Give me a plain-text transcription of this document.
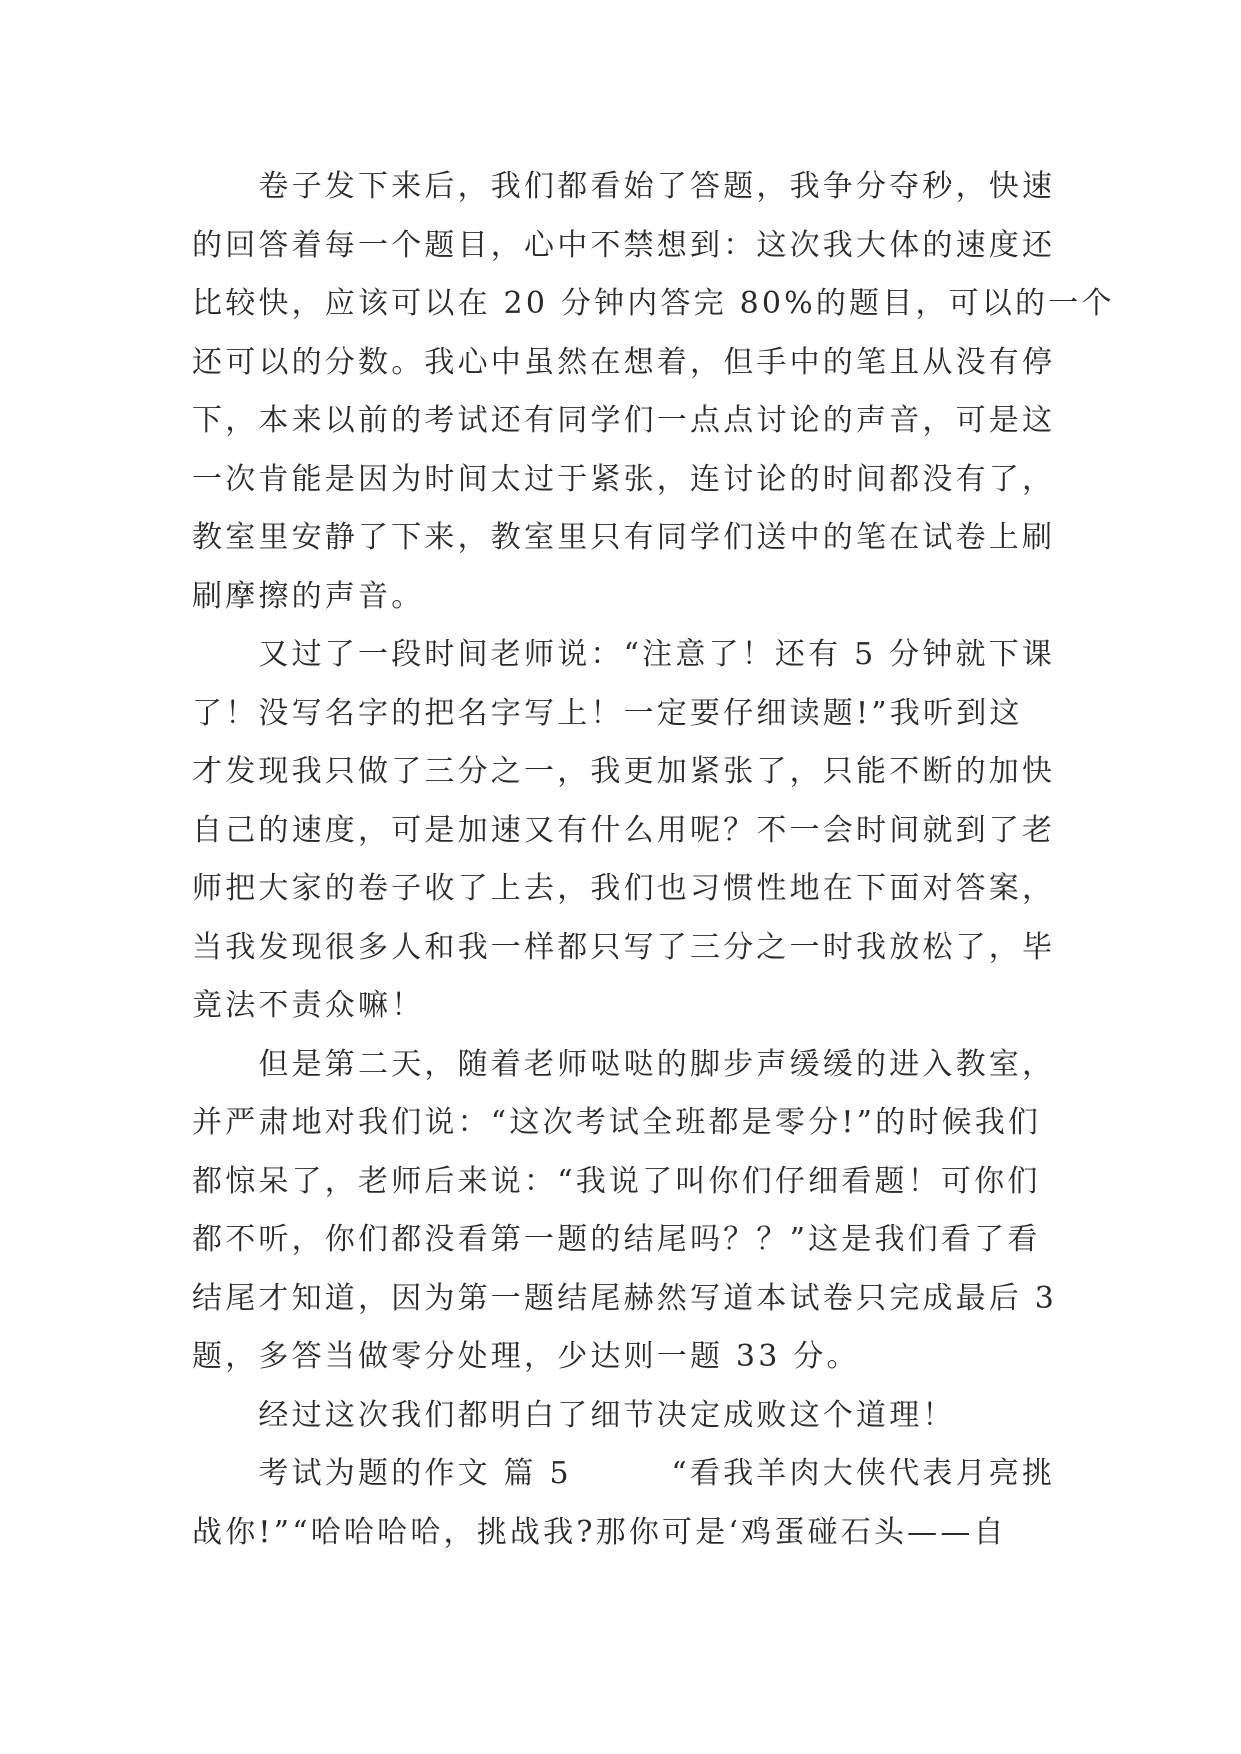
　　卷子发下来后，我们都看始了答题，我争分夺秒，快速
的回答着每一个题目，心中不禁想到：这次我大体的速度还
比较快，应该可以在 20 分钟内答完 80%的题目，可以的一个
还可以的分数。我心中虽然在想着，但手中的笔且从没有停
下，本来以前的考试还有同学们一点点讨论的声音，可是这
一次肯能是因为时间太过于紧张，连讨论的时间都没有了，
教室里安静了下来，教室里只有同学们送中的笔在试卷上刷
刷摩擦的声音。
　　又过了一段时间老师说：“注意了！还有 5 分钟就下课
了！没写名字的把名字写上！一定要仔细读题!”我听到这
才发现我只做了三分之一，我更加紧张了，只能不断的加快
自己的速度，可是加速又有什么用呢？不一会时间就到了老
师把大家的卷子收了上去，我们也习惯性地在下面对答案，
当我发现很多人和我一样都只写了三分之一时我放松了，毕
竟法不责众嘛！
　　但是第二天，随着老师哒哒的脚步声缓缓的进入教室，
并严肃地对我们说：“这次考试全班都是零分!”的时候我们
都惊呆了，老师后来说：“我说了叫你们仔细看题！可你们
都不听，你们都没看第一题的结尾吗？？”这是我们看了看
结尾才知道，因为第一题结尾赫然写道本试卷只完成最后 3
题，多答当做零分处理，少达则一题 33 分。
　　经过这次我们都明白了细节决定成败这个道理！
　　考试为题的作文 篇 5　　　“看我羊肉大侠代表月亮挑
战你!”“哈哈哈哈，挑战我?那你可是‘鸡蛋碰石头——自
